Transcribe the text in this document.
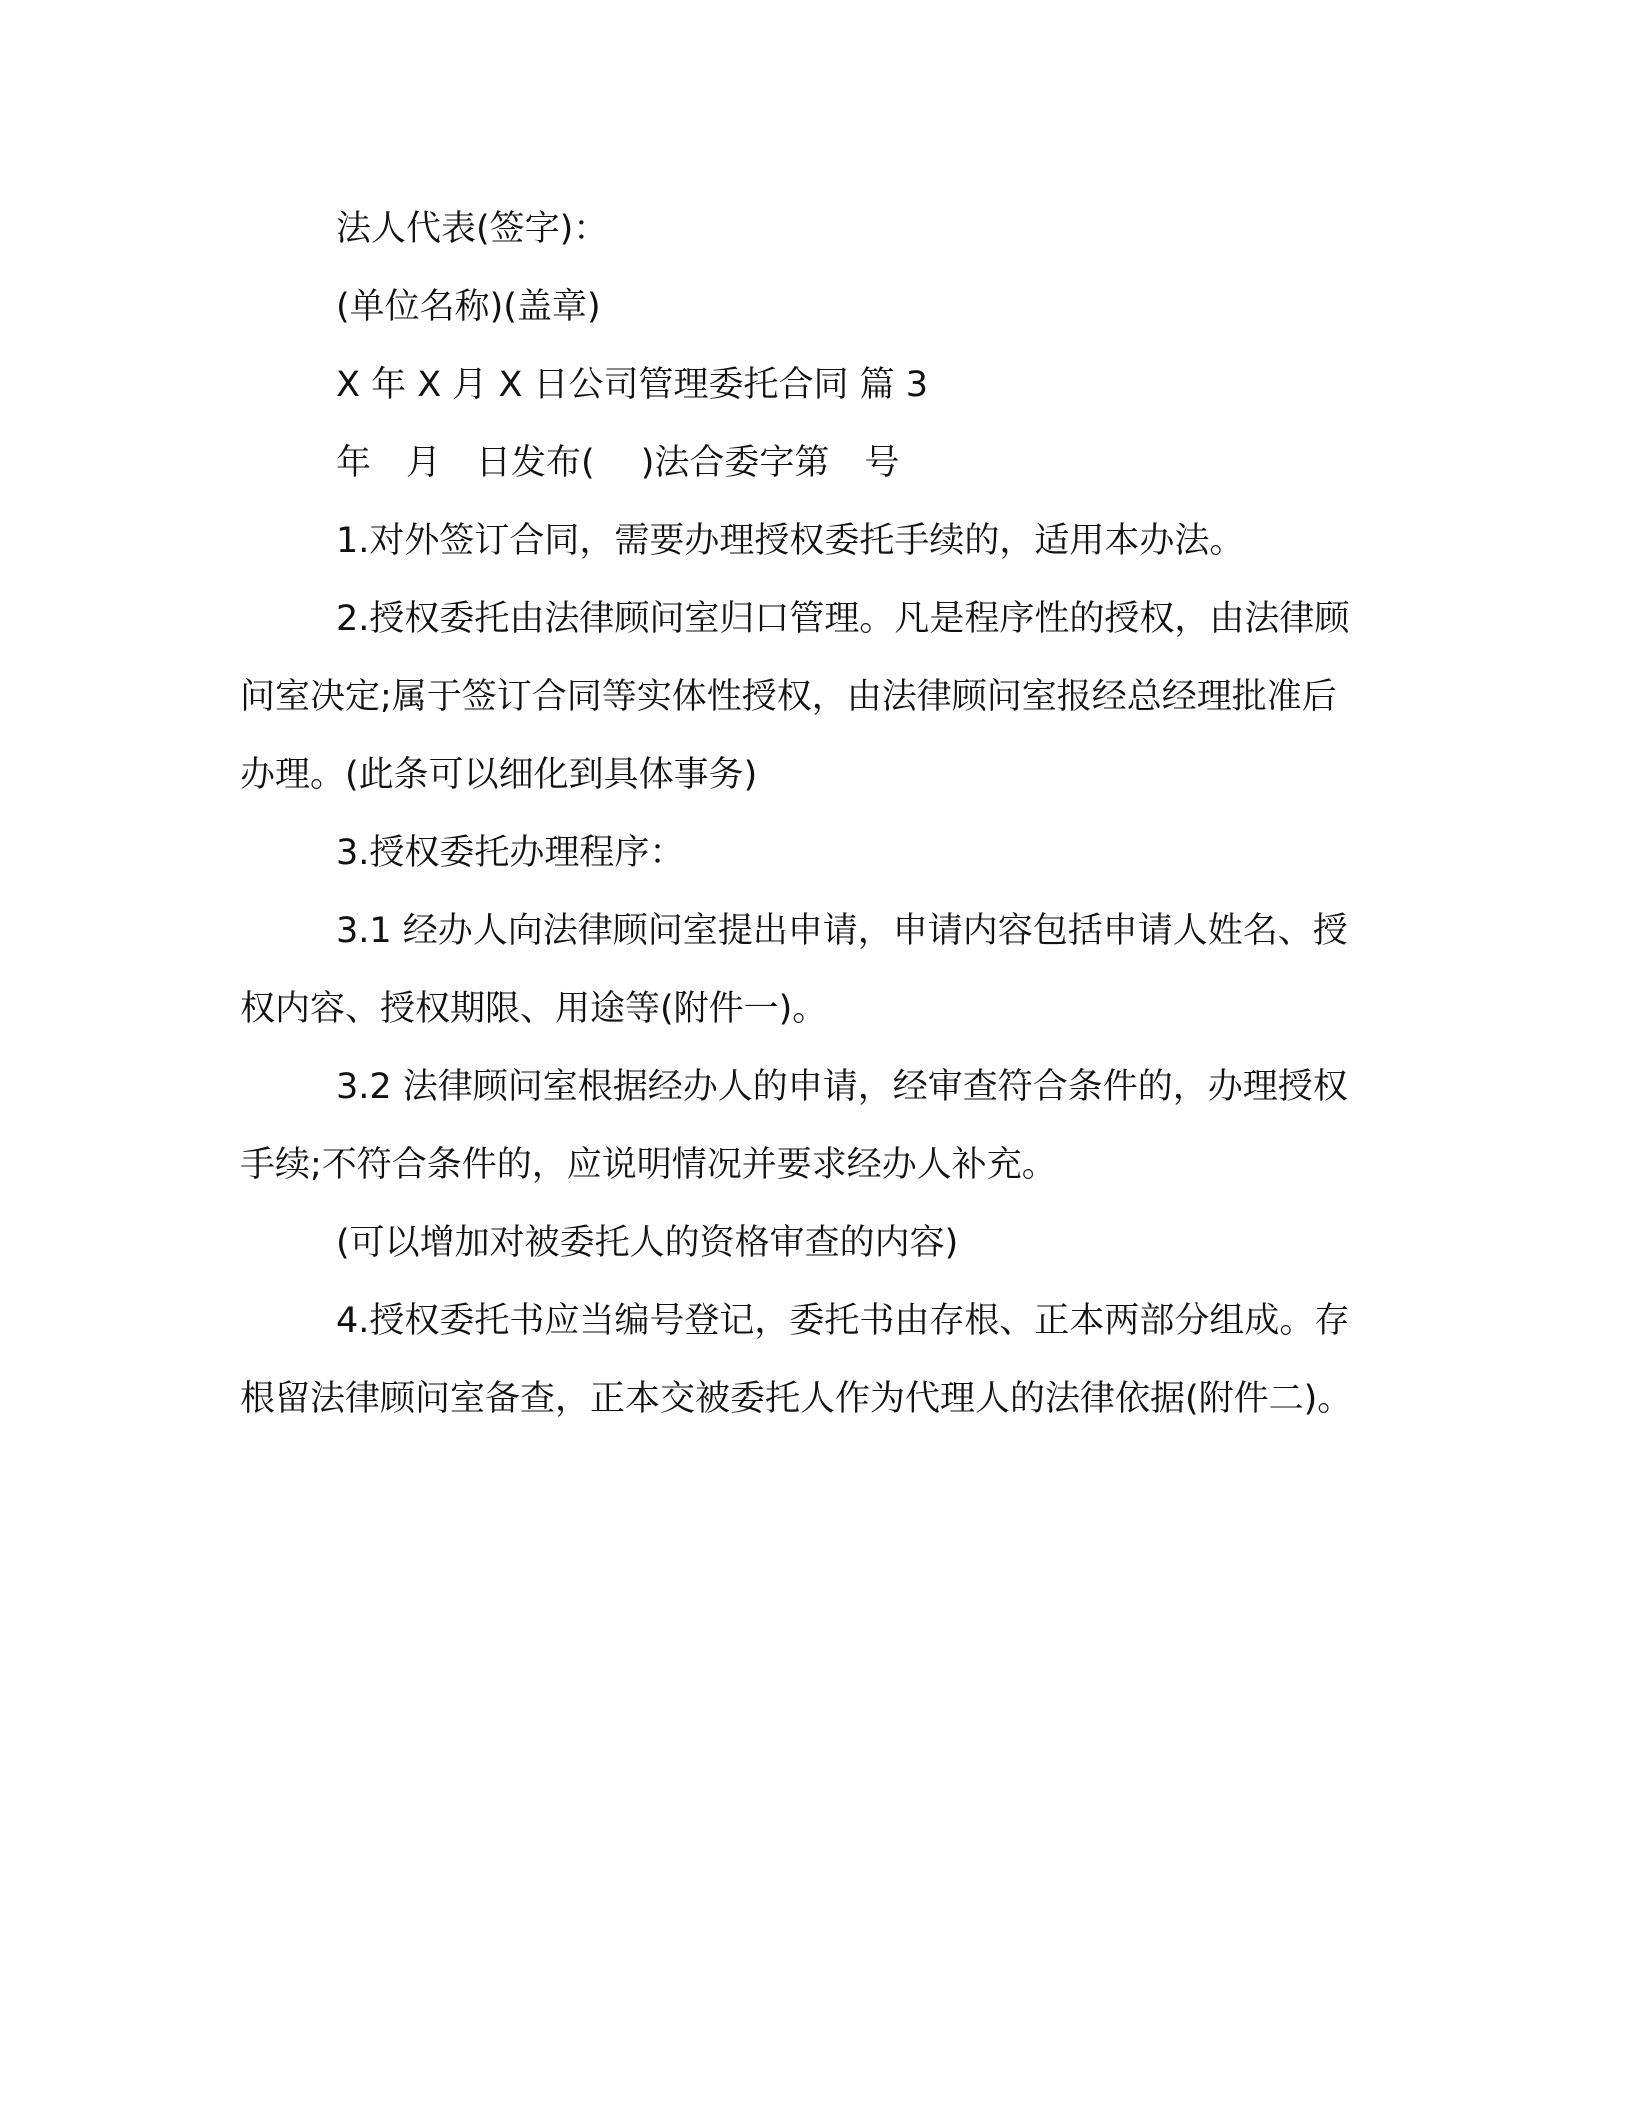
法人代表(签字)：

(单位名称)(盖章)

X 年 X 月 X 日公司管理委托合同 篇 3

年　月　日发布(　 )法合委字第　号

1.对外签订合同，需要办理授权委托手续的，适用本办法。

2.授权委托由法律顾问室归口管理。凡是程序性的授权，由法律顾问室决定;属于签订合同等实体性授权，由法律顾问室报经总经理批准后办理。(此条可以细化到具体事务)

3.授权委托办理程序：

3.1 经办人向法律顾问室提出申请，申请内容包括申请人姓名、授权内容、授权期限、用途等(附件一)。

3.2 法律顾问室根据经办人的申请，经审查符合条件的，办理授权手续;不符合条件的，应说明情况并要求经办人补充。

(可以增加对被委托人的资格审查的内容)

4.授权委托书应当编号登记，委托书由存根、正本两部分组成。存根留法律顾问室备查，正本交被委托人作为代理人的法律依据(附件二)。
